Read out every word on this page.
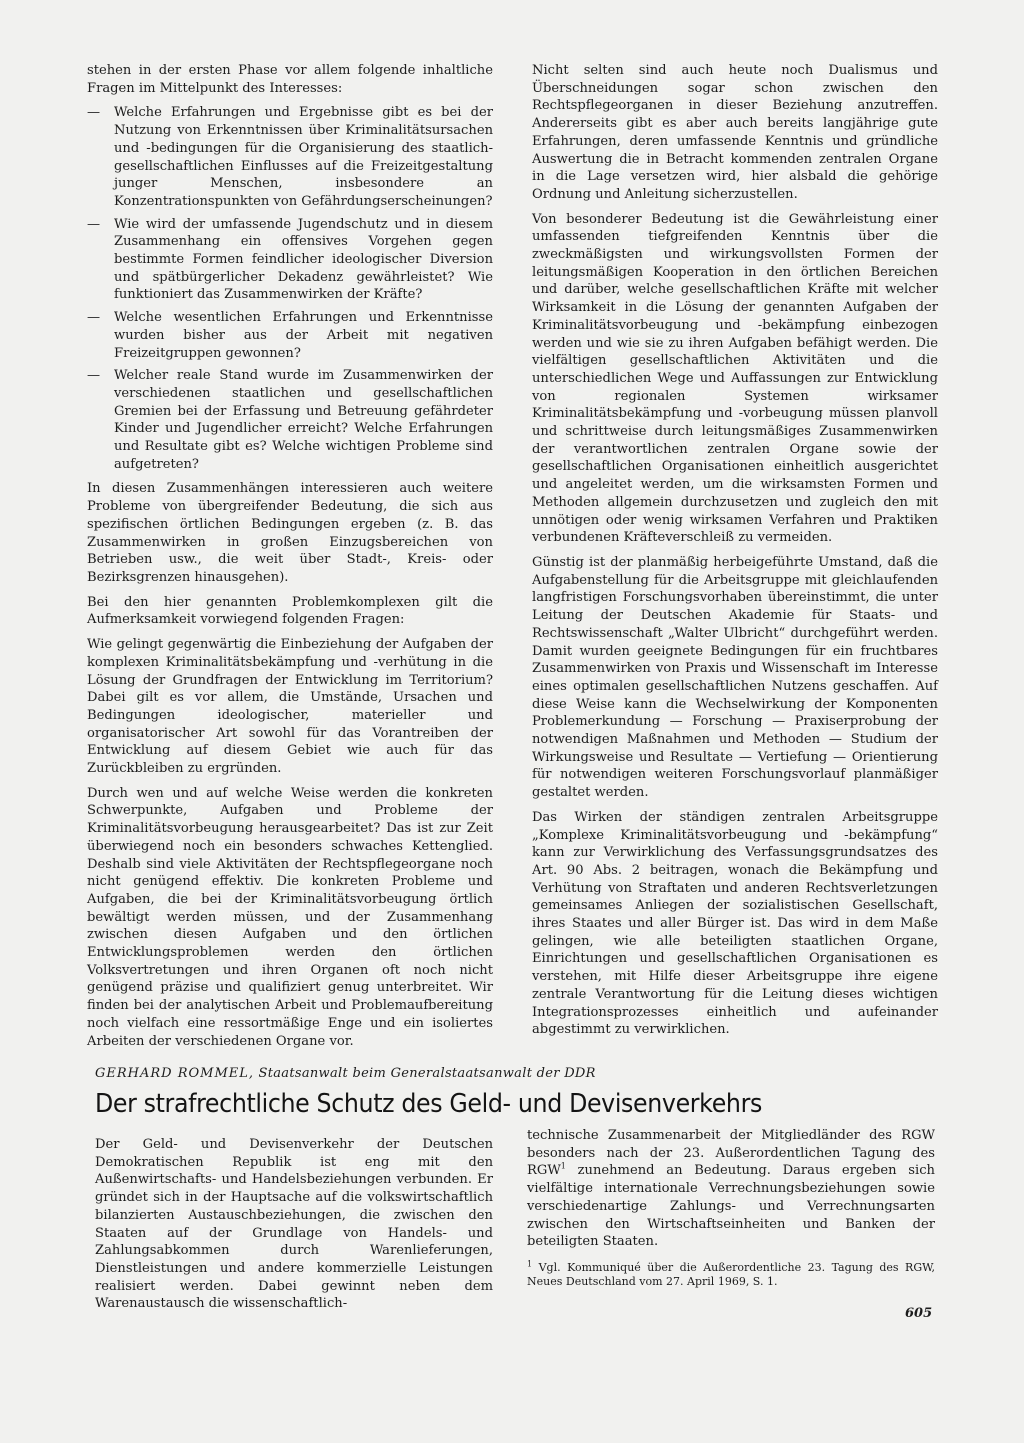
stehen in der ersten Phase vor allem folgende inhaltliche Fragen im Mittelpunkt des Interesses:

— Welche Erfahrungen und Ergebnisse gibt es bei der Nutzung von Erkenntnissen über Kriminalitätsursachen und -bedingungen für die Organisierung des staatlich-gesellschaftlichen Einflusses auf die Freizeitgestaltung junger Menschen, insbesondere an Konzentrationspunkten von Gefährdungserscheinungen?
— Wie wird der umfassende Jugendschutz und in diesem Zusammenhang ein offensives Vorgehen gegen bestimmte Formen feindlicher ideologischer Diversion und spätbürgerlicher Dekadenz gewährleistet? Wie funktioniert das Zusammenwirken der Kräfte?
— Welche wesentlichen Erfahrungen und Erkenntnisse wurden bisher aus der Arbeit mit negativen Freizeitgruppen gewonnen?
— Welcher reale Stand wurde im Zusammenwirken der verschiedenen staatlichen und gesellschaftlichen Gremien bei der Erfassung und Betreuung gefährdeter Kinder und Jugendlicher erreicht? Welche Erfahrungen und Resultate gibt es? Welche wichtigen Probleme sind aufgetreten?

In diesen Zusammenhängen interessieren auch weitere Probleme von übergreifender Bedeutung, die sich aus spezifischen örtlichen Bedingungen ergeben (z. B. das Zusammenwirken in großen Einzugsbereichen von Betrieben usw., die weit über Stadt-, Kreis- oder Bezirksgrenzen hinausgehen).

Bei den hier genannten Problemkomplexen gilt die Aufmerksamkeit vorwiegend folgenden Fragen:

Wie gelingt gegenwärtig die Einbeziehung der Aufgaben der komplexen Kriminalitätsbekämpfung und -verhütung in die Lösung der Grundfragen der Entwicklung im Territorium? Dabei gilt es vor allem, die Umstände, Ursachen und Bedingungen ideologischer, materieller und organisatorischer Art sowohl für das Vorantreiben der Entwicklung auf diesem Gebiet wie auch für das Zurückbleiben zu ergründen.

Durch wen und auf welche Weise werden die konkreten Schwerpunkte, Aufgaben und Probleme der Kriminalitätsvorbeugung herausgearbeitet? Das ist zur Zeit überwiegend noch ein besonders schwaches Kettenglied. Deshalb sind viele Aktivitäten der Rechtspflegeorgane noch nicht genügend effektiv. Die konkreten Probleme und Aufgaben, die bei der Kriminalitätsvorbeugung örtlich bewältigt werden müssen, und der Zusammenhang zwischen diesen Aufgaben und den örtlichen Entwicklungsproblemen werden den örtlichen Volksvertretungen und ihren Organen oft noch nicht genügend präzise und qualifiziert genug unterbreitet. Wir finden bei der analytischen Arbeit und Problemaufbereitung noch vielfach eine ressortmäßige Enge und ein isoliertes Arbeiten der verschiedenen Organe vor.

Nicht selten sind auch heute noch Dualismus und Überschneidungen sogar schon zwischen den Rechtspflegeorganen in dieser Beziehung anzutreffen. Andererseits gibt es aber auch bereits langjährige gute Erfahrungen, deren umfassende Kenntnis und gründliche Auswertung die in Betracht kommenden zentralen Organe in die Lage versetzen wird, hier alsbald die gehörige Ordnung und Anleitung sicherzustellen.

Von besonderer Bedeutung ist die Gewährleistung einer umfassenden tiefgreifenden Kenntnis über die zweckmäßigsten und wirkungsvollsten Formen der leitungsmäßigen Kooperation in den örtlichen Bereichen und darüber, welche gesellschaftlichen Kräfte mit welcher Wirksamkeit in die Lösung der genannten Aufgaben der Kriminalitätsvorbeugung und -bekämpfung einbezogen werden und wie sie zu ihren Aufgaben befähigt werden. Die vielfältigen gesellschaftlichen Aktivitäten und die unterschiedlichen Wege und Auffassungen zur Entwicklung von regionalen Systemen wirksamer Kriminalitätsbekämpfung und -vorbeugung müssen planvoll und schrittweise durch leitungsmäßiges Zusammenwirken der verantwortlichen zentralen Organe sowie der gesellschaftlichen Organisationen einheitlich ausgerichtet und angeleitet werden, um die wirksamsten Formen und Methoden allgemein durchzusetzen und zugleich den mit unnötigen oder wenig wirksamen Verfahren und Praktiken verbundenen Kräfteverschleiß zu vermeiden.

Günstig ist der planmäßig herbeigeführte Umstand, daß die Aufgabenstellung für die Arbeitsgruppe mit gleichlaufenden langfristigen Forschungsvorhaben übereinstimmt, die unter Leitung der Deutschen Akademie für Staats- und Rechtswissenschaft „Walter Ulbricht“ durchgeführt werden. Damit wurden geeignete Bedingungen für ein fruchtbares Zusammenwirken von Praxis und Wissenschaft im Interesse eines optimalen gesellschaftlichen Nutzens geschaffen. Auf diese Weise kann die Wechselwirkung der Komponenten Problemerkundung — Forschung — Praxiserprobung der notwendigen Maßnahmen und Methoden — Studium der Wirkungsweise und Resultate — Vertiefung — Orientierung für notwendigen weiteren Forschungsvorlauf planmäßiger gestaltet werden.

Das Wirken der ständigen zentralen Arbeitsgruppe „Komplexe Kriminalitätsvorbeugung und -bekämpfung“ kann zur Verwirklichung des Verfassungsgrundsatzes des Art. 90 Abs. 2 beitragen, wonach die Bekämpfung und Verhütung von Straftaten und anderen Rechtsverletzungen gemeinsames Anliegen der sozialistischen Gesellschaft, ihres Staates und aller Bürger ist. Das wird in dem Maße gelingen, wie alle beteiligten staatlichen Organe, Einrichtungen und gesellschaftlichen Organisationen es verstehen, mit Hilfe dieser Arbeitsgruppe ihre eigene zentrale Verantwortung für die Leitung dieses wichtigen Integrationsprozesses einheitlich und aufeinander abgestimmt zu verwirklichen.

GERHARD ROMMEL, Staatsanwalt beim Generalstaatsanwalt der DDR
Der strafrechtliche Schutz des Geld- und Devisenverkehrs

Der Geld- und Devisenverkehr der Deutschen Demokratischen Republik ist eng mit den Außenwirtschafts- und Handelsbeziehungen verbunden. Er gründet sich in der Hauptsache auf die volkswirtschaftlich bilanzierten Austauschbeziehungen, die zwischen den Staaten auf der Grundlage von Handels- und Zahlungsabkommen durch Warenlieferungen, Dienstleistungen und andere kommerzielle Leistungen realisiert werden. Dabei gewinnt neben dem Warenaustausch die wissenschaftlich-

technische Zusammenarbeit der Mitgliedländer des RGW besonders nach der 23. Außerordentlichen Tagung des RGW$^1$ zunehmend an Bedeutung. Daraus ergeben sich vielfältige internationale Verrechnungsbeziehungen sowie verschiedenartige Zahlungs- und Verrechnungsarten zwischen den Wirtschaftseinheiten und Banken der beteiligten Staaten.

$^1$ Vgl. Kommuniqué über die Außerordentliche 23. Tagung des RGW, Neues Deutschland vom 27. April 1969, S. 1.
605
